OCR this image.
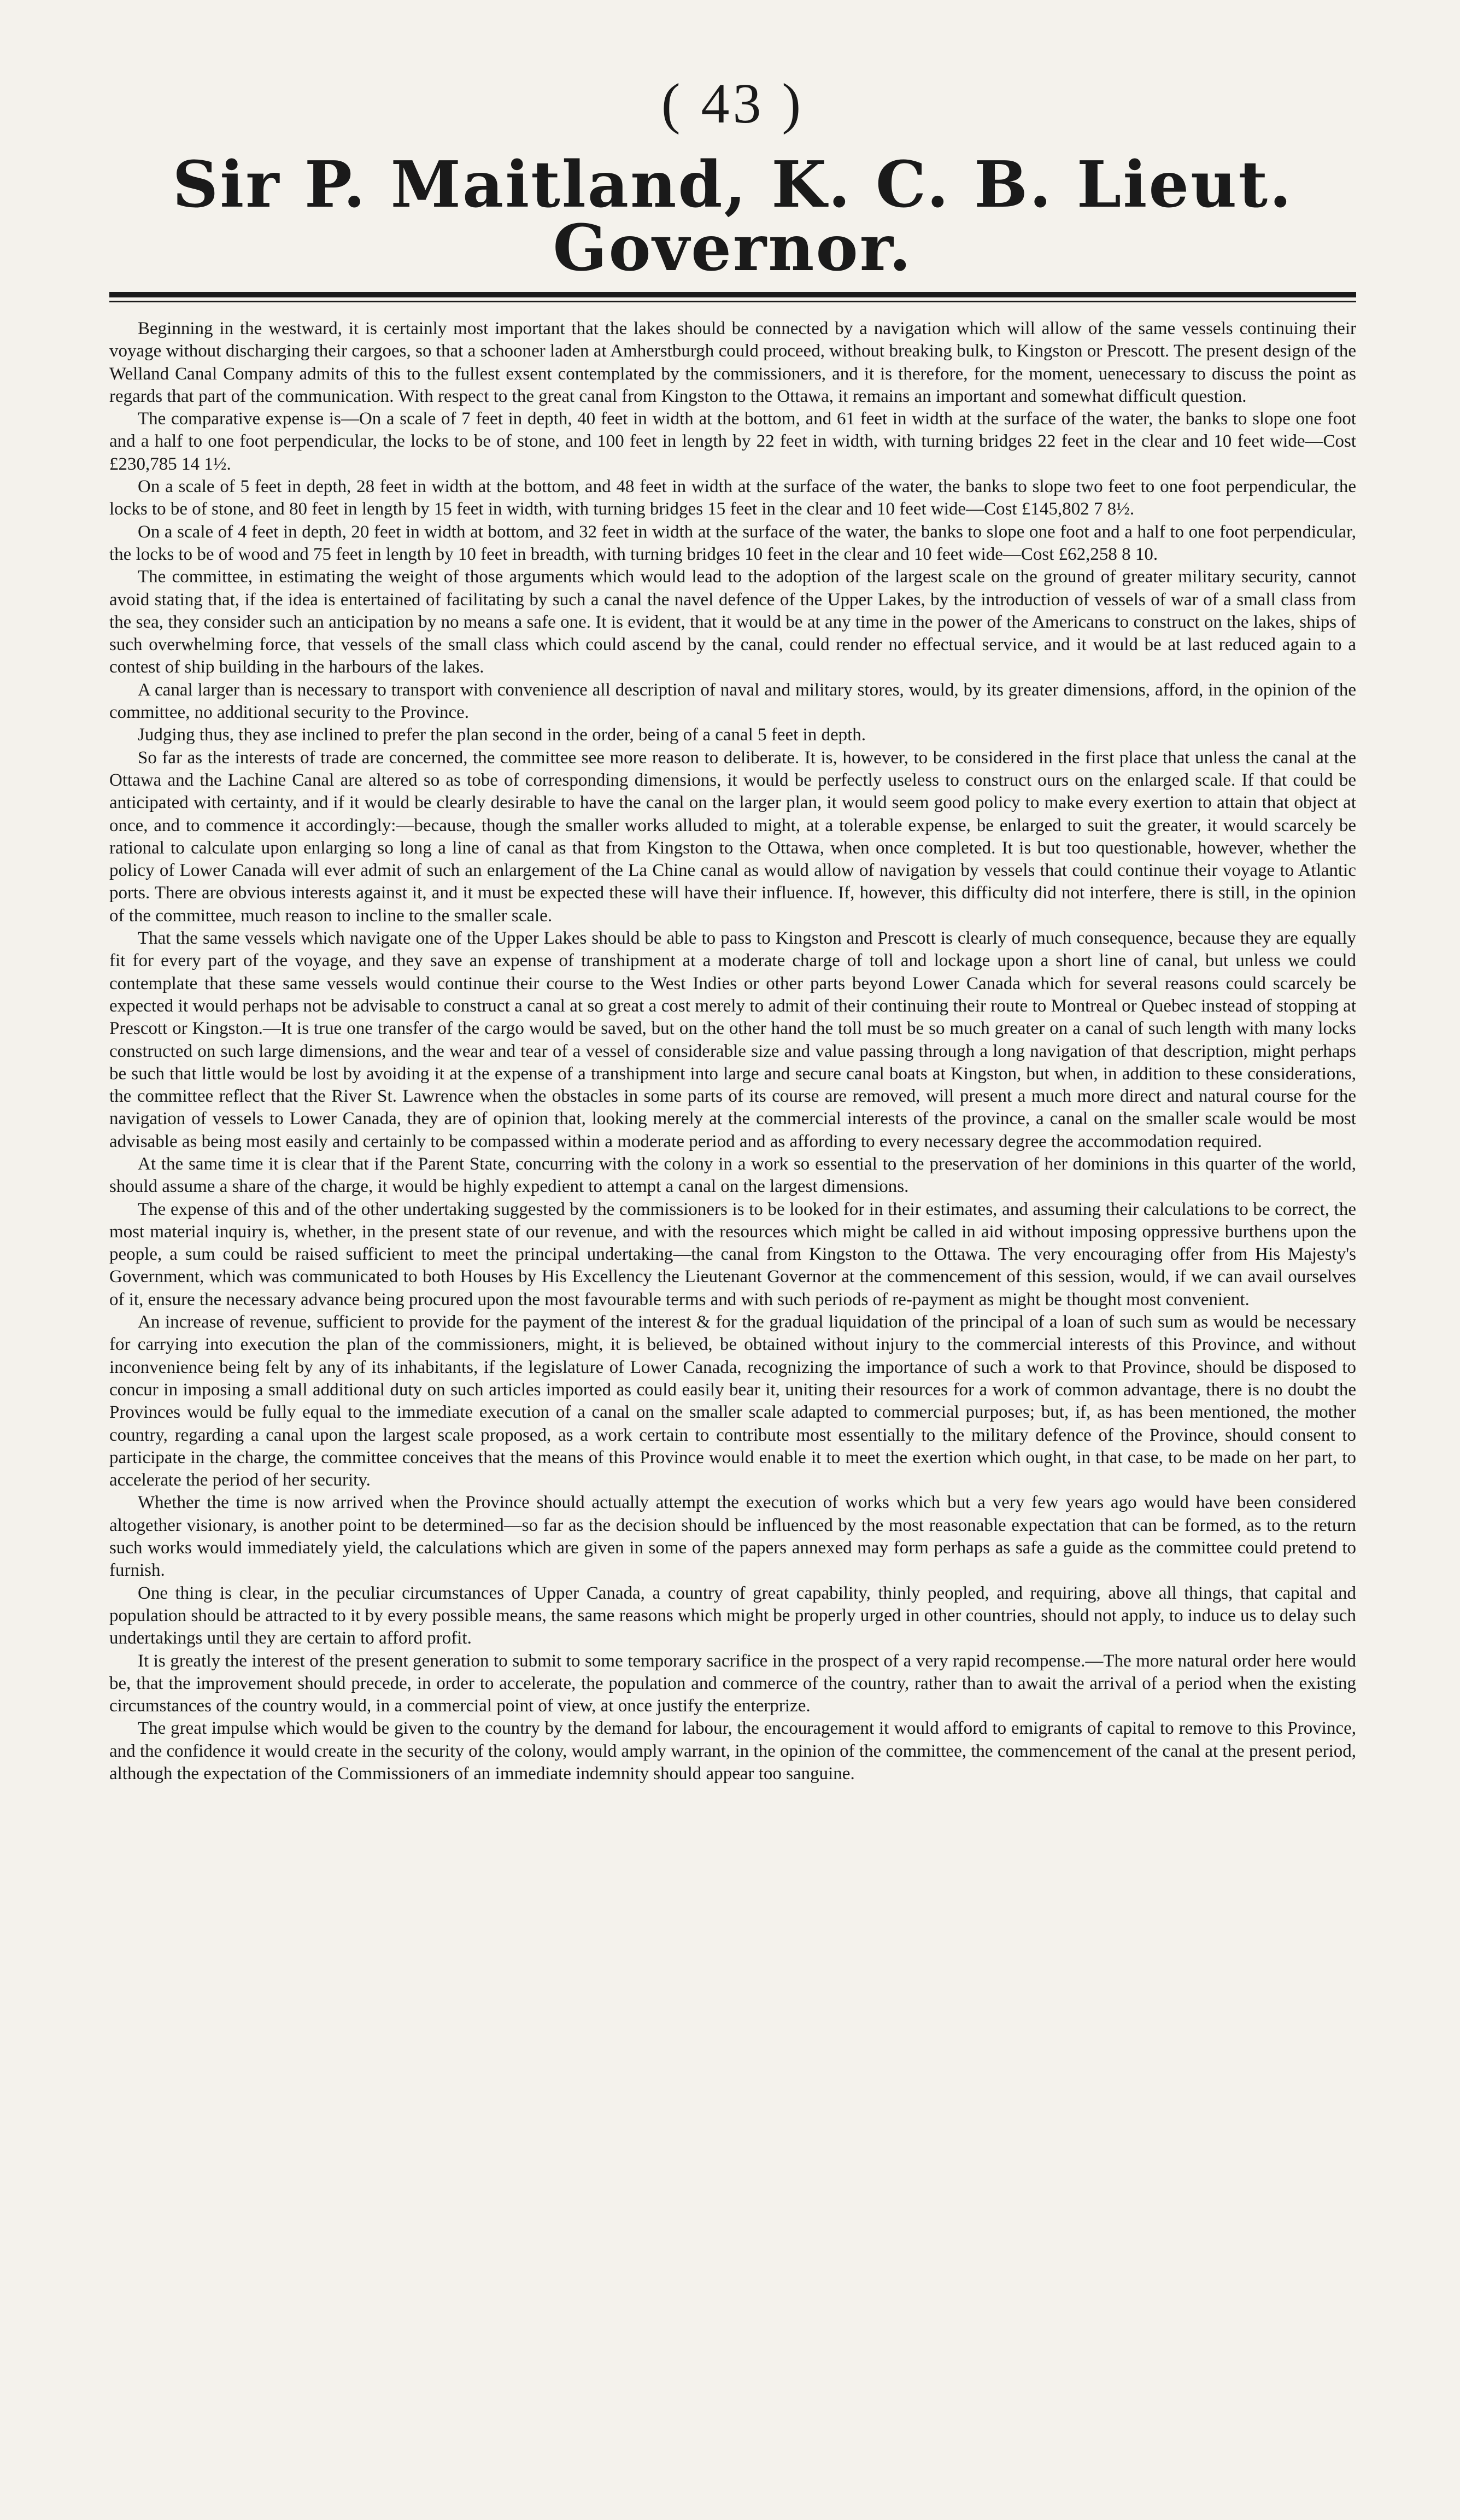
( 43 )
Sir P. Maitland, K. C. B. Lieut. Governor.

Beginning in the westward, it is certainly most important that the lakes should be connected by a navigation which will allow of the same vessels continuing their voyage without discharging their cargoes, so that a schooner laden at Amherstburgh could proceed, without breaking bulk, to Kingston or Prescott. The present design of the Welland Canal Company admits of this to the fullest exsent contemplated by the commissioners, and it is therefore, for the moment, uenecessary to discuss the point as regards that part of the communication. With respect to the great canal from Kingston to the Ottawa, it remains an important and somewhat difficult question.

The comparative expense is—On a scale of 7 feet in depth, 40 feet in width at the bottom, and 61 feet in width at the surface of the water, the banks to slope one foot and a half to one foot perpendicular, the locks to be of stone, and 100 feet in length by 22 feet in width, with turning bridges 22 feet in the clear and 10 feet wide—Cost £230,785 14 1½.

On a scale of 5 feet in depth, 28 feet in width at the bottom, and 48 feet in width at the surface of the water, the banks to slope two feet to one foot perpendicular, the locks to be of stone, and 80 feet in length by 15 feet in width, with turning bridges 15 feet in the clear and 10 feet wide—Cost £145,802 7 8½.

On a scale of 4 feet in depth, 20 feet in width at bottom, and 32 feet in width at the surface of the water, the banks to slope one foot and a half to one foot perpendicular, the locks to be of wood and 75 feet in length by 10 feet in breadth, with turning bridges 10 feet in the clear and 10 feet wide—Cost £62,258 8 10.

The committee, in estimating the weight of those arguments which would lead to the adoption of the largest scale on the ground of greater military security, cannot avoid stating that, if the idea is entertained of facilitating by such a canal the navel defence of the Upper Lakes, by the introduction of vessels of war of a small class from the sea, they consider such an anticipation by no means a safe one. It is evident, that it would be at any time in the power of the Americans to construct on the lakes, ships of such overwhelming force, that vessels of the small class which could ascend by the canal, could render no effectual service, and it would be at last reduced again to a contest of ship building in the harbours of the lakes.

A canal larger than is necessary to transport with convenience all description of naval and military stores, would, by its greater dimensions, afford, in the opinion of the committee, no additional security to the Province.

Judging thus, they ase inclined to prefer the plan second in the order, being of a canal 5 feet in depth.

So far as the interests of trade are concerned, the committee see more reason to deliberate. It is, however, to be considered in the first place that unless the canal at the Ottawa and the Lachine Canal are altered so as tobe of corresponding dimensions, it would be perfectly useless to construct ours on the enlarged scale. If that could be anticipated with certainty, and if it would be clearly desirable to have the canal on the larger plan, it would seem good policy to make every exertion to attain that object at once, and to commence it accordingly:—because, though the smaller works alluded to might, at a tolerable expense, be enlarged to suit the greater, it would scarcely be rational to calculate upon enlarging so long a line of canal as that from Kingston to the Ottawa, when once completed. It is but too questionable, however, whether the policy of Lower Canada will ever admit of such an enlargement of the La Chine canal as would allow of navigation by vessels that could continue their voyage to Atlantic ports. There are obvious interests against it, and it must be expected these will have their influence. If, however, this difficulty did not interfere, there is still, in the opinion of the committee, much reason to incline to the smaller scale.

That the same vessels which navigate one of the Upper Lakes should be able to pass to Kingston and Prescott is clearly of much consequence, because they are equally fit for every part of the voyage, and they save an expense of transhipment at a moderate charge of toll and lockage upon a short line of canal, but unless we could contemplate that these same vessels would continue their course to the West Indies or other parts beyond Lower Canada which for several reasons could scarcely be expected it would perhaps not be advisable to construct a canal at so great a cost merely to admit of their continuing their route to Montreal or Quebec instead of stopping at Prescott or Kingston.—It is true one transfer of the cargo would be saved, but on the other hand the toll must be so much greater on a canal of such length with many locks constructed on such large dimensions, and the wear and tear of a vessel of considerable size and value passing through a long navigation of that description, might perhaps be such that little would be lost by avoiding it at the expense of a transhipment into large and secure canal boats at Kingston, but when, in addition to these considerations, the committee reflect that the River St. Lawrence when the obstacles in some parts of its course are removed, will present a much more direct and natural course for the navigation of vessels to Lower Canada, they are of opinion that, looking merely at the commercial interests of the province, a canal on the smaller scale would be most advisable as being most easily and certainly to be compassed within a moderate period and as affording to every necessary degree the accommodation required.

At the same time it is clear that if the Parent State, concurring with the colony in a work so essential to the preservation of her dominions in this quarter of the world, should assume a share of the charge, it would be highly expedient to attempt a canal on the largest dimensions.

The expense of this and of the other undertaking suggested by the commissioners is to be looked for in their estimates, and assuming their calculations to be correct, the most material inquiry is, whether, in the present state of our revenue, and with the resources which might be called in aid without imposing oppressive burthens upon the people, a sum could be raised sufficient to meet the principal undertaking—the canal from Kingston to the Ottawa. The very encouraging offer from His Majesty's Government, which was communicated to both Houses by His Excellency the Lieutenant Governor at the commencement of this session, would, if we can avail ourselves of it, ensure the necessary advance being procured upon the most favourable terms and with such periods of re-payment as might be thought most convenient.

An increase of revenue, sufficient to provide for the payment of the interest & for the gradual liquidation of the principal of a loan of such sum as would be necessary for carrying into execution the plan of the commissioners, might, it is believed, be obtained without injury to the commercial interests of this Province, and without inconvenience being felt by any of its inhabitants, if the legislature of Lower Canada, recognizing the importance of such a work to that Province, should be disposed to concur in imposing a small additional duty on such articles imported as could easily bear it, uniting their resources for a work of common advantage, there is no doubt the Provinces would be fully equal to the immediate execution of a canal on the smaller scale adapted to commercial purposes; but, if, as has been mentioned, the mother country, regarding a canal upon the largest scale proposed, as a work certain to contribute most essentially to the military defence of the Province, should consent to participate in the charge, the committee conceives that the means of this Province would enable it to meet the exertion which ought, in that case, to be made on her part, to accelerate the period of her security.

Whether the time is now arrived when the Province should actually attempt the execution of works which but a very few years ago would have been considered altogether visionary, is another point to be determined—so far as the decision should be influenced by the most reasonable expectation that can be formed, as to the return such works would immediately yield, the calculations which are given in some of the papers annexed may form perhaps as safe a guide as the committee could pretend to furnish.

One thing is clear, in the peculiar circumstances of Upper Canada, a country of great capability, thinly peopled, and requiring, above all things, that capital and population should be attracted to it by every possible means, the same reasons which might be properly urged in other countries, should not apply, to induce us to delay such undertakings until they are certain to afford profit.

It is greatly the interest of the present generation to submit to some temporary sacrifice in the prospect of a very rapid recompense.—The more natural order here would be, that the improvement should precede, in order to accelerate, the population and commerce of the country, rather than to await the arrival of a period when the existing circumstances of the country would, in a commercial point of view, at once justify the enterprize.

The great impulse which would be given to the country by the demand for labour, the encouragement it would afford to emigrants of capital to remove to this Province, and the confidence it would create in the security of the colony, would amply warrant, in the opinion of the committee, the commencement of the canal at the present period, although the expectation of the Commissioners of an immediate indemnity should appear too sanguine.
